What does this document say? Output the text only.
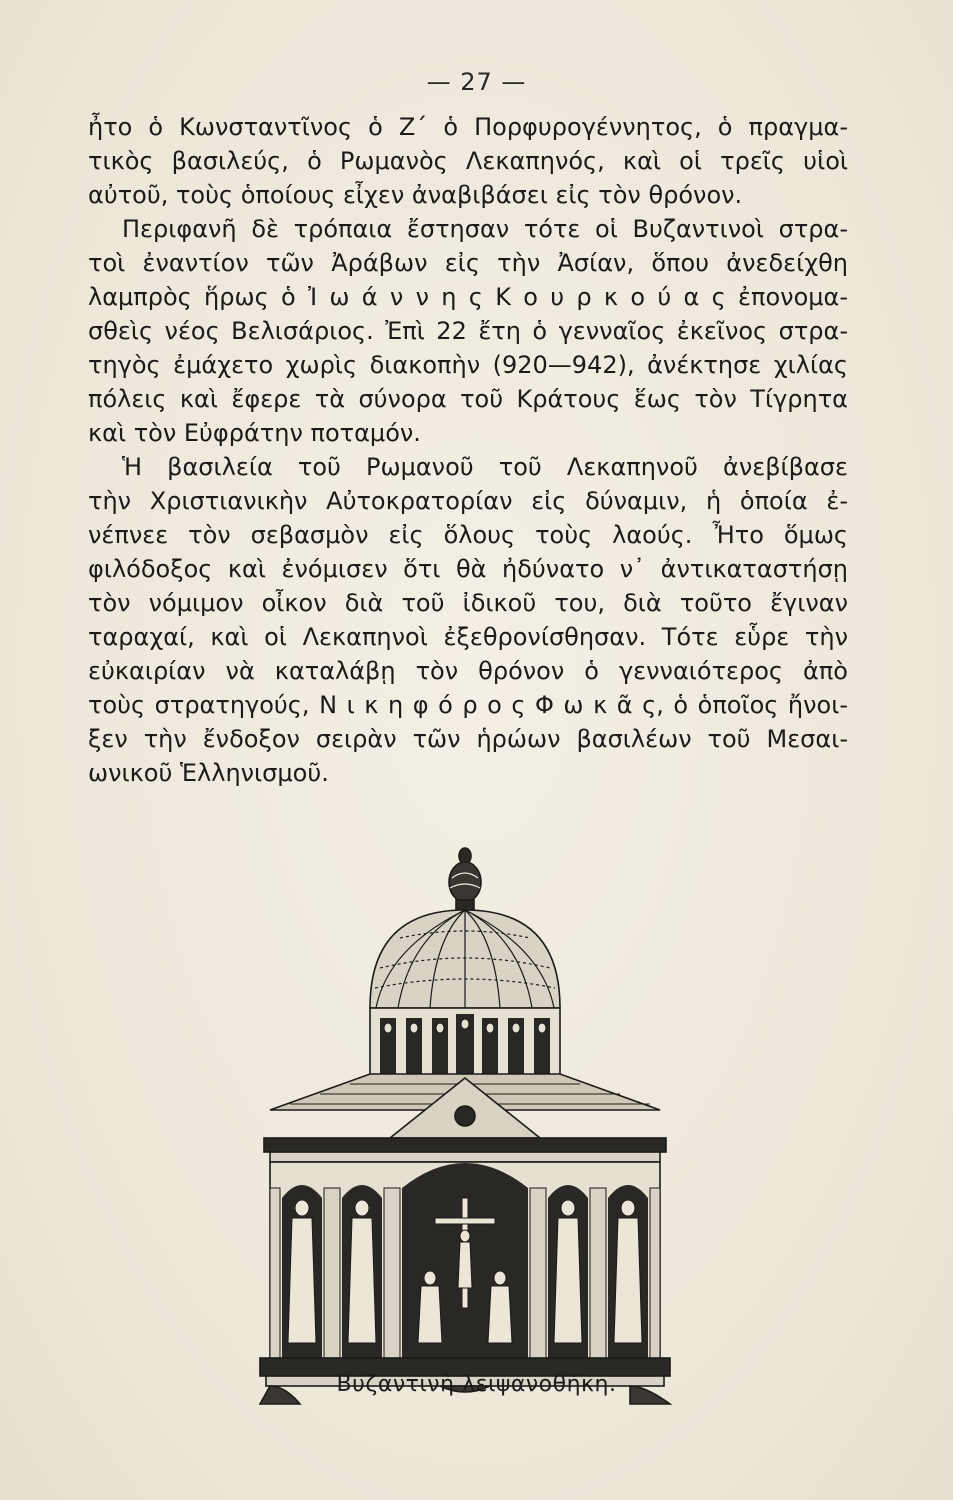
— 27 —
ἦτο ὁ Κωνσταντῖνος ὁ Ζ´ ὁ Πορφυρογέννητος, ὁ πραγμα-
τικὸς βασιλεύς, ὁ Ρωμανὸς Λεκαπηνός, καὶ οἱ τρεῖς υἱοὶ
αὐτοῦ, τοὺς ὁποίους εἶχεν ἀναβιβάσει εἰς τὸν θρόνον.
Περιφανῆ δὲ τρόπαια ἔστησαν τότε οἱ Βυζαντινοὶ στρα-
τοὶ ἐναντίον τῶν Ἀράβων εἰς τὴν Ἀσίαν, ὅπου ἀνεδείχθη
λαμπρὸς ἥρως ὁ Ἰ ω ά ν ν η ς Κ ο υ ρ κ ο ύ α ς ἐπονομα-
σθεὶς νέος Βελισάριος. Ἐπὶ 22 ἔτη ὁ γενναῖος ἐκεῖνος στρα-
τηγὸς ἐμάχετο χωρὶς διακοπὴν (920—942), ἀνέκτησε χιλίας
πόλεις καὶ ἔφερε τὰ σύνορα τοῦ Κράτους ἕως τὸν Τίγρητα
καὶ τὸν Εὐφράτην ποταμόν.
Ἡ βασιλεία τοῦ Ρωμανοῦ τοῦ Λεκαπηνοῦ ἀνεβίβασε
τὴν Χριστιανικὴν Αὐτοκρατορίαν εἰς δύναμιν, ἡ ὁποία ἐ-
νέπνεε τὸν σεβασμὸν εἰς ὅλους τοὺς λαούς. Ἦτο ὅμως
φιλόδοξος καὶ ἐνόμισεν ὅτι θὰ ἠδύνατο ν᾿ ἀντικαταστήσῃ
τὸν νόμιμον οἶκον διὰ τοῦ ἰδικοῦ του, διὰ τοῦτο ἔγιναν
ταραχαί, καὶ οἱ Λεκαπηνοὶ ἐξεθρονίσθησαν. Τότε εὗρε τὴν
εὐκαιρίαν νὰ καταλάβῃ τὸν θρόνον ὁ γενναιότερος ἀπὸ
τοὺς στρατηγούς, Ν ι κ η φ ό ρ ο ς Φ ω κ ᾶ ς, ὁ ὁποῖος ἤνοι-
ξεν τὴν ἔνδοξον σειρὰν τῶν ἡρώων βασιλέων τοῦ Μεσαι-
ωνικοῦ Ἑλληνισμοῦ.
Βυζαντινὴ λειψανοθήκη.
